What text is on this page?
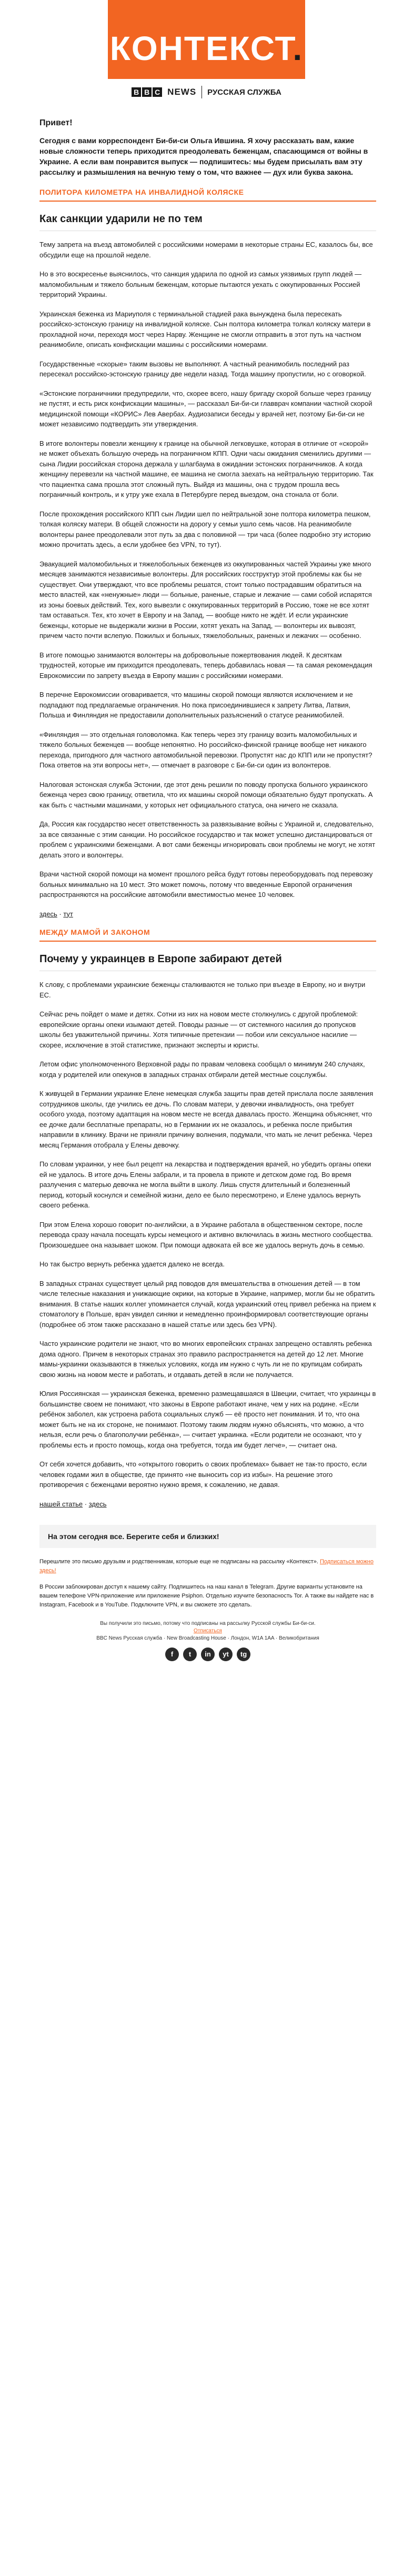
КОНТЕКСТ.
B B C NEWS РУССКАЯ СЛУЖБА

Привет!

Сегодня с вами корреспондент Би-би-си Ольга Ившина. Я хочу рассказать вам, какие новые сложности теперь приходится преодолевать беженцам, спасающимся от войны в Украине. А если вам понравится выпуск — подпишитесь: мы будем присылать вам эту рассылку и размышления на вечную тему о том, что важнее — дух или буква закона.

ПОЛИТОРА КИЛОМЕТРА НА ИНВАЛИДНОЙ КОЛЯСКЕ
Как санкции ударили не по тем

Тему запрета на въезд автомобилей с российскими номерами в некоторые страны ЕС, казалось бы, все обсудили еще на прошлой неделе.

Но в это воскресенье выяснилось, что санкция ударила по одной из самых уязвимых групп людей — маломобильным и тяжело больным беженцам, которые пытаются уехать с оккупированных Россией территорий Украины.

Украинская беженка из Мариуполя с терминальной стадией рака вынуждена была пересекать российско-эстонскую границу на инвалидной коляске. Сын полтора километра толкал коляску матери в прохладной ночи, переходя мост через Нарву. Женщине не смогли отправить в этот путь на частном реанимобиле, описать конфискации машины с российскими номерами.

Государственные «скорые» таким вызовы не выполняют. А частный реанимобиль последний раз пересекал российско-эстонскую границу две недели назад. Тогда машину пропустили, но с оговоркой.

«Эстонские пограничники предупредили, что, скорее всего, нашу бригаду скорой больше через границу не пустят, и есть риск конфискации машины», — рассказал Би-би-си главврач компании частной скорой медицинской помощи «КОРИС» Лев Авербах. Аудиозаписи беседы у врачей нет, поэтому Би-би-си не может независимо подтвердить эти утверждения.

В итоге волонтеры повезли женщину к границе на обычной легковушке, которая в отличие от «скорой» не может объехать большую очередь на пограничном КПП. Одни часы ожидания сменились другими — сына Лидии российская сторона держала у шлагбаума в ожидании эстонских пограничников. А когда женщину перевезли на частной машине, ее машина не смогла заехать на нейтральную территорию. Так что пациентка сама прошла этот сложный путь. Выйдя из машины, она с трудом прошла весь пограничный контроль, и к утру уже ехала в Петербурге перед выездом, она стонала от боли.

После прохождения российского КПП сын Лидии шел по нейтральной зоне полтора километра пешком, толкая коляску матери. В общей сложности на дорогу у семьи ушло семь часов. На реанимобиле волонтеры ранее преодолевали этот путь за два с половиной — три часа (более подробно эту историю можно прочитать здесь, а если удобнее без VPN, то тут).

Эвакуацией маломобильных и тяжелобольных беженцев из оккупированных частей Украины уже много месяцев занимаются независимые волонтеры. Для российских госструктур этой проблемы как бы не существует. Они утверждают, что все проблемы решатся, стоит только пострадавшим обратиться на место властей, как «ненужные» люди — больные, раненые, старые и лежачие — сами собой испарятся из зоны боевых действий. Тех, кого вывезли с оккупированных территорий в Россию, тоже не все хотят там оставаться. Тех, кто хочет в Европу и на Запад, — вообще никто не ждёт. И если украинские беженцы, которые не выдержали жизни в России, хотят уехать на Запад, — волонтеры их вывозят, причем часто почти вслепую. Пожилых и больных, тяжелобольных, раненых и лежачих — особенно.

В итоге помощью занимаются волонтеры на добровольные пожертвования людей. К десяткам трудностей, которые им приходится преодолевать, теперь добавилась новая — та самая рекомендация Еврокомиссии по запрету въезда в Европу машин с российскими номерами.

В перечне Еврокомиссии оговаривается, что машины скорой помощи являются исключением и не подпадают под предлагаемые ограничения. Но пока присоединившиеся к запрету Литва, Латвия, Польша и Финляндия не предоставили дополнительных разъяснений о статусе реанимобилей.

«Финляндия — это отдельная головоломка. Как теперь через эту границу возить маломобильных и тяжело больных беженцев — вообще непонятно. Но российско-финской границе вообще нет никакого перехода, пригодного для частного автомобильной перевозки. Пропустят нас до КПП или не пропустят? Пока ответов на эти вопросы нет», — отмечает в разговоре с Би-би-си один из волонтеров.

Налоговая эстонская служба Эстонии, где этот день решили по поводу пропуска больного украинского беженца через свою границу, ответила, что их машины скорой помощи обязательно будут пропускать. А как быть с частными машинами, у которых нет официального статуса, она ничего не сказала.

Да, Россия как государство несет ответственность за развязывание войны с Украиной и, следовательно, за все связанные с этим санкции. Но российское государство и так может успешно дистанцироваться от проблем с украинскими беженцами. А вот сами беженцы игнорировать свои проблемы не могут, не хотят делать этого и волонтеры.

Врачи частной скорой помощи на момент прошлого рейса будут готовы переоборудовать под перевозку больных минимально на 10 мест. Это может помочь, потому что введенные Европой ограничения распространяются на российские автомобили вместимостью менее 10 человек.

здесь · тут

МЕЖДУ МАМОЙ И ЗАКОНОМ
Почему у украинцев в Европе забирают детей

К слову, с проблемами украинские беженцы сталкиваются не только при въезде в Европу, но и внутри ЕС.

Сейчас речь пойдет о маме и детях. Сотни из них на новом месте столкнулись с другой проблемой: европейские органы опеки изымают детей. Поводы разные — от системного насилия до пропусков школы без уважительной причины. Хотя типичные претензии — побои или сексуальное насилие — скорее, исключение в этой статистике, признают эксперты и юристы.

Летом офис уполномоченного Верховной рады по правам человека сообщал о минимум 240 случаях, когда у родителей или опекунов в западных странах отбирали детей местные соцслужбы.

К живущей в Германии украинке Елене немецкая служба защиты прав детей прислала после заявления сотрудников школы, где учились ее дочь. По словам матери, у девочки инвалидность, она требует особого ухода, поэтому адаптация на новом месте не всегда давалась просто. Женщина объясняет, что ее дочке дали бесплатные препараты, но в Германии их не оказалось, и ребенка после прибытия направили в клинику. Врачи не приняли причину волнения, подумали, что мать не лечит ребенка. Через месяц Германия отобрала у Елены девочку.

По словам украинки, у нее был рецепт на лекарства и подтверждения врачей, но убедить органы опеки ей не удалось. В итоге дочь Елены забрали, и та провела в приюте и детском доме год. Во время разлучения с матерью девочка не могла выйти в школу. Лишь спустя длительный и болезненный период, который коснулся и семейной жизни, дело ее было пересмотрено, и Елене удалось вернуть своего ребенка.

При этом Елена хорошо говорит по-английски, а в Украине работала в общественном секторе, после перевода сразу начала посещать курсы немецкого и активно включилась в жизнь местного сообщества. Произошедшее она называет шоком. При помощи адвоката ей все же удалось вернуть дочь в семью.

Но так быстро вернуть ребенка удается далеко не всегда.

В западных странах существует целый ряд поводов для вмешательства в отношения детей — в том числе телесные наказания и унижающие окрики, на которые в Украине, например, могли бы не обратить внимания. В статье наших коллег упоминается случай, когда украинский отец привел ребенка на прием к стоматологу в Польше, врач увидел синяки и немедленно проинформировал соответствующие органы (подробнее об этом также рассказано в нашей статье или здесь без VPN).

Часто украинские родители не знают, что во многих европейских странах запрещено оставлять ребенка дома одного. Причем в некоторых странах это правило распространяется на детей до 12 лет. Многие мамы-украинки оказываются в тяжелых условиях, когда им нужно с чуть ли не по крупицам собирать свою жизнь на новом месте и работать, и отдавать детей в ясли не получается.

Юлия Россиянская — украинская беженка, временно размещавшаяся в Швеции, считает, что украинцы в большинстве своем не понимают, что законы в Европе работают иначе, чем у них на родине. «Если ребёнок заболел, как устроена работа социальных служб — её просто нет понимания. И то, что она может быть не на их стороне, не понимают. Поэтому таким людям нужно объяснять, что можно, а что нельзя, если речь о благополучии ребёнка», — считает украинка. «Если родители не осознают, что у проблемы есть и просто помощь, когда она требуется, тогда им будет легче», — считает она.

От себя хочется добавить, что «открытого говорить о своих проблемах» бывает не так-то просто, если человек годами жил в обществе, где принято «не выносить сор из избы». На решение этого противоречия с беженцами вероятно нужно время, к сожалению, не давая.

нашей статье · здесь

На этом сегодня все. Берегите себя и близких!

Перешлите это письмо друзьям и родственникам, которые еще не подписаны на рассылку «Контекст». Подписаться можно здесь!

В России заблокирован доступ к нашему сайту. Подпишитесь на наш канал в Telegram. Другие варианты установите на вашем телефоне VPN-приложение или приложение Psiphon. Отдельно изучите безопасность Tor. А также вы найдете нас в Instagram, Facebook и в YouTube. Подключите VPN, и вы сможете это сделать.

Вы получили это письмо, потому что подписаны на рассылку Русской службы Би-би-си.
Отписаться
BBC News Русская служба · New Broadcasting House · Лондон, W1A 1AA · Великобритания
f	t	in	yt	tg
